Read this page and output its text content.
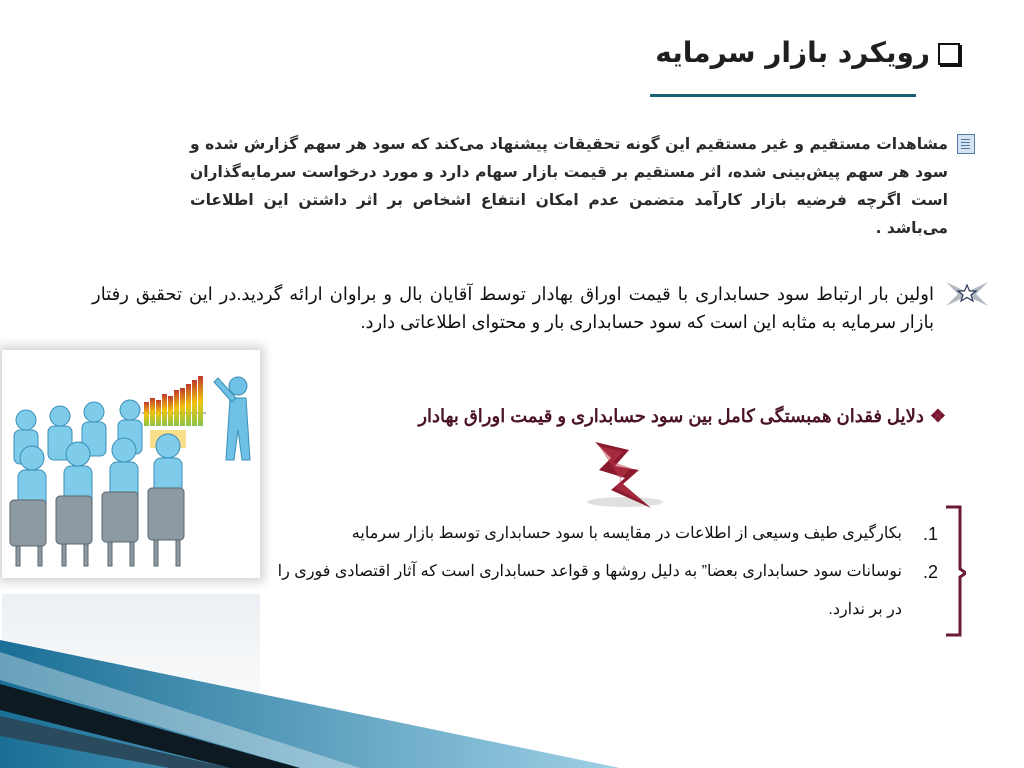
رویکرد بازار سرمایه
مشاهدات مستقیم و غیر مستقیم این گونه تحقیقات پیشنهاد می‌کند که سود هر سهم گزارش شده و سود هر سهم پیش‌بینی شده، اثر مستقیم بر قیمت بازار سهام دارد و مورد درخواست سرمایه‌گذاران است اگرچه فرضیه بازار کارآمد متضمن عدم امکان انتفاع اشخاص بر اثر داشتن این اطلاعات می‌باشد .
اولین بار ارتباط سود حسابداری با قیمت اوراق بهادار توسط آقایان بال و براوان ارائه گردید.در این تحقیق رفتار بازار سرمایه به مثابه این است که سود حسابداری بار و محتوای اطلاعاتی دارد.
❖دلایل فقدان همبستگی کامل بین سود حسابداری و قیمت اوراق بهادار
1.
بکارگیری طیف وسیعی از اطلاعات در مقایسه با سود حسابداری توسط بازار سرمایه
2.
نوسانات سود حسابداری بعضا” به دلیل روشها و قواعد حسابداری است که آثار اقتصادی فوری را در بر ندارد.
